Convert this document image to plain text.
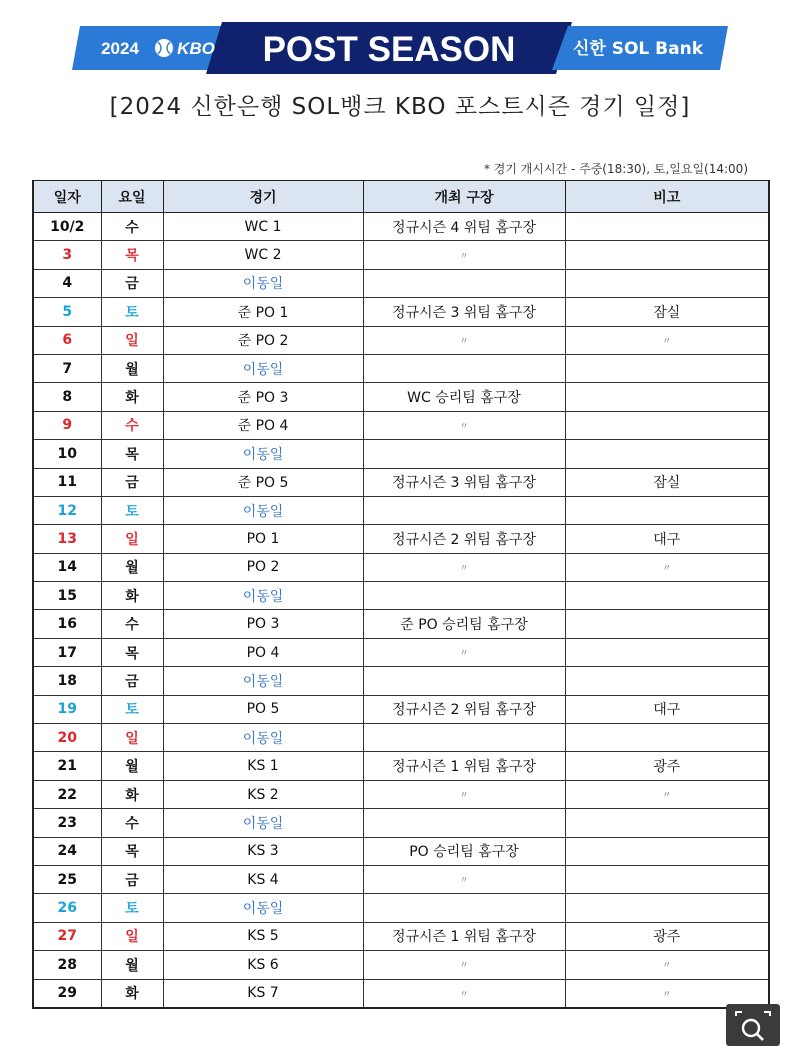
2024 KBO POST SEASON	신한 SOL Bank
[2024 신한은행 SOL뱅크 KBO 포스트시즌 경기 일정]
* 경기 개시시간 - 주중(18:30), 토,일요일(14:00)
일자	요일	경기	개최 구장	비고
10/2	수	WC 1	정규시즌 4 위팀 홈구장	
3	목	WC 2	〃	
4	금	이동일		
5	토	준 PO 1	정규시즌 3 위팀 홈구장	잠실
6	일	준 PO 2	〃	〃
7	월	이동일		
8	화	준 PO 3	WC 승리팀 홈구장	
9	수	준 PO 4	〃	
10	목	이동일		
11	금	준 PO 5	정규시즌 3 위팀 홈구장	잠실
12	토	이동일		
13	일	PO 1	정규시즌 2 위팀 홈구장	대구
14	월	PO 2	〃	〃
15	화	이동일		
16	수	PO 3	준 PO 승리팀 홈구장	
17	목	PO 4	〃	
18	금	이동일		
19	토	PO 5	정규시즌 2 위팀 홈구장	대구
20	일	이동일		
21	월	KS 1	정규시즌 1 위팀 홈구장	광주
22	화	KS 2	〃	〃
23	수	이동일		
24	목	KS 3	PO 승리팀 홈구장	
25	금	KS 4	〃	
26	토	이동일		
27	일	KS 5	정규시즌 1 위팀 홈구장	광주
28	월	KS 6	〃	〃
29	화	KS 7	〃	〃
